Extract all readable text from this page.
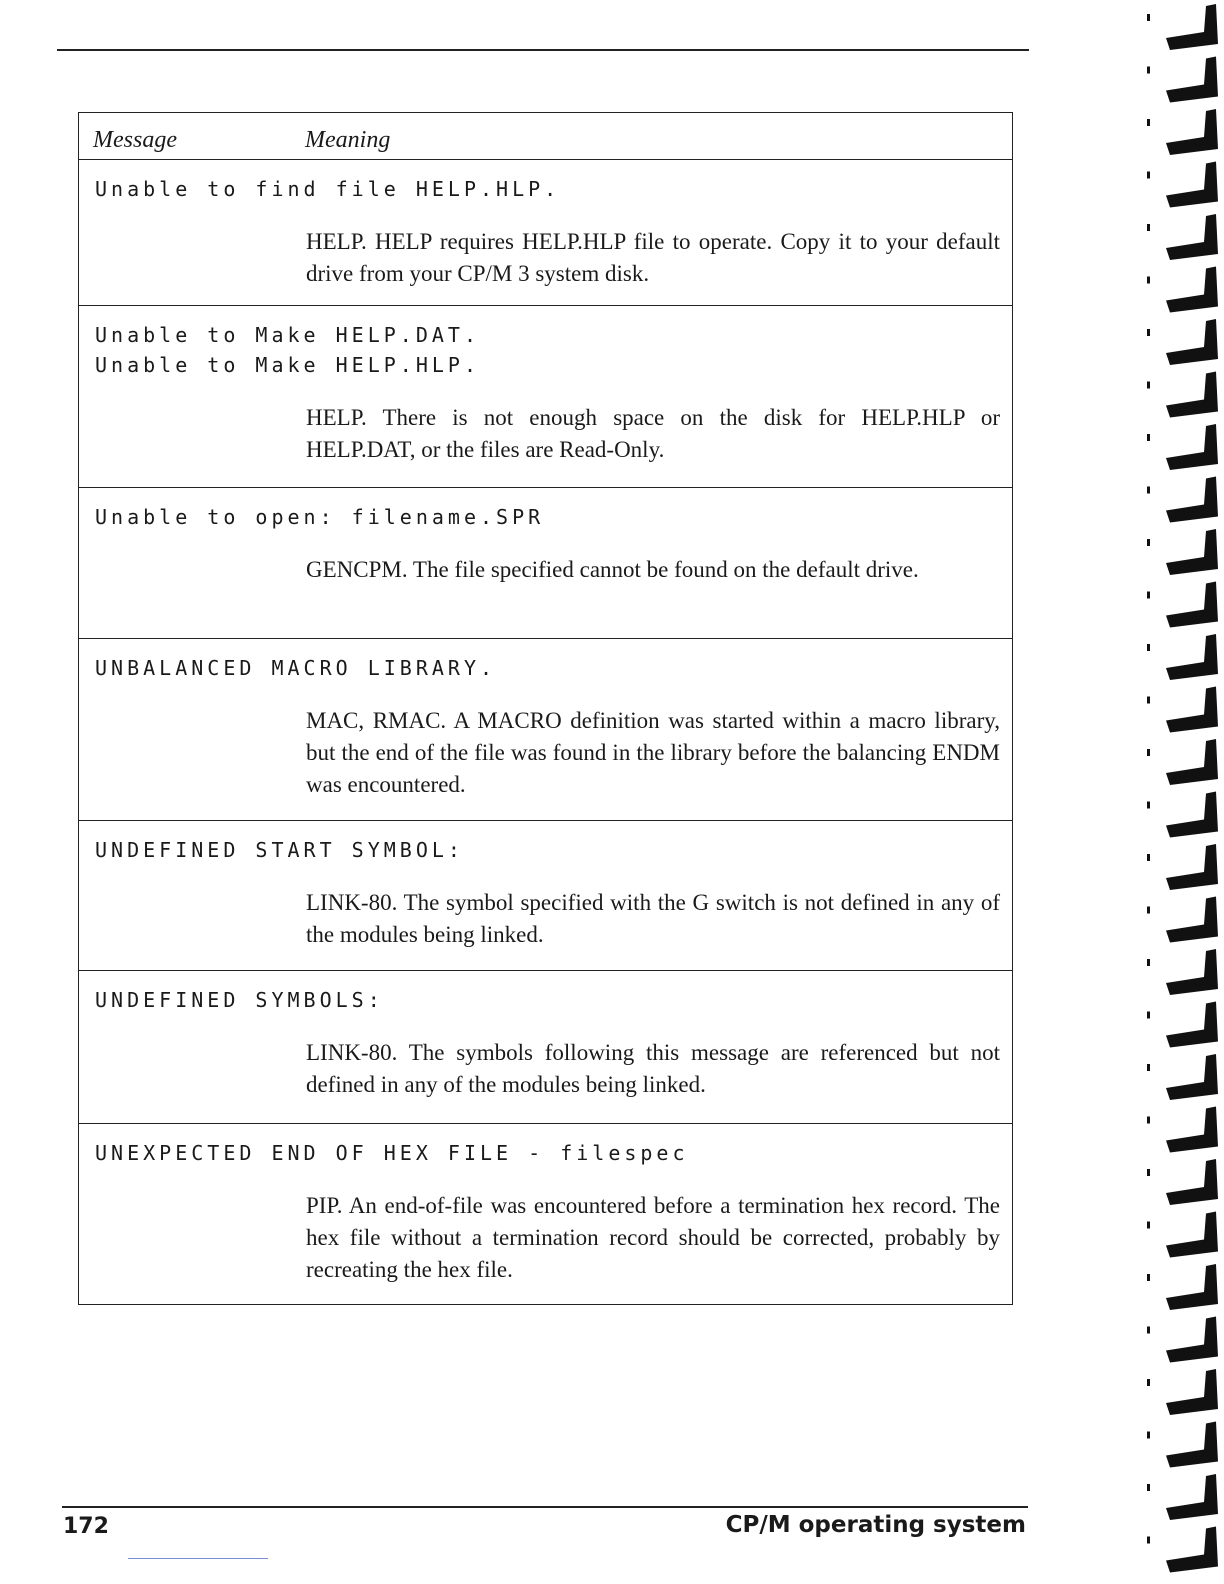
Message	Meaning
Unable to find file HELP.HLP.
HELP. HELP requires HELP.HLP file to operate. Copy it to your default drive from your CP/M 3 system disk.
Unable to Make HELP.DAT.
Unable to Make HELP.HLP.
HELP. There is not enough space on the disk for HELP.HLP or HELP.DAT, or the files are Read-Only.
Unable to open: filename.SPR
GENCPM. The file specified cannot be found on the default drive.
UNBALANCED MACRO LIBRARY.
MAC, RMAC. A MACRO definition was started within a macro library, but the end of the file was found in the library before the balancing ENDM was encountered.
UNDEFINED START SYMBOL:
LINK-80. The symbol specified with the G switch is not defined in any of the modules being linked.
UNDEFINED SYMBOLS:
LINK-80. The symbols following this message are referenced but not defined in any of the modules being linked.
UNEXPECTED END OF HEX FILE - filespec
PIP. An end-of-file was encountered before a termination hex record. The hex file without a termination record should be corrected, probably by recreating the hex file.
172	CP/M operating system
